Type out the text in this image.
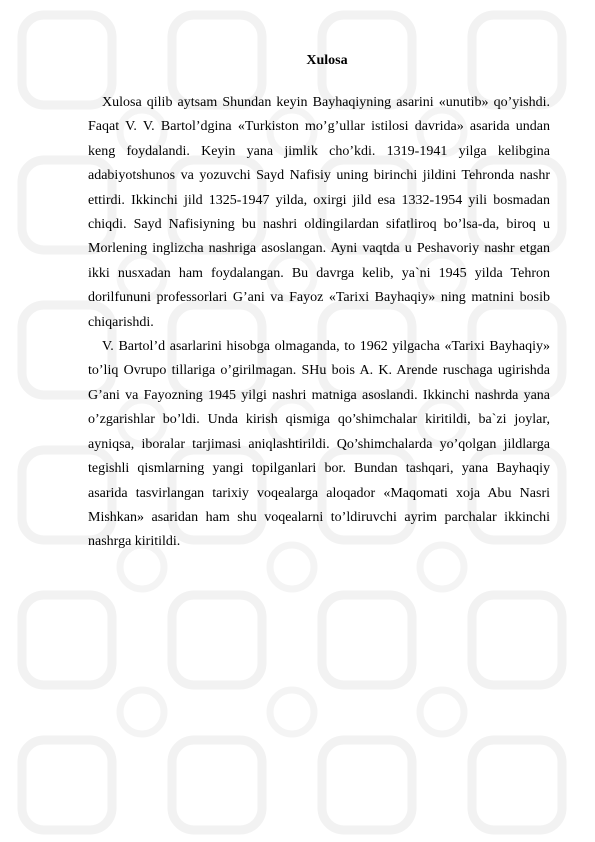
Xulosa

Xulosa qilib aytsam Shundan keyin Bayhaqiyning asarini «unutib» qo’yishdi. Faqat V. V. Bartol’dgina «Turkiston mo’g’ullar istilosi davrida» asarida undan keng foydalandi. Keyin yana jimlik cho’kdi. 1319-1941 yilga kelibgina adabiyotshunos va yozuvchi Sayd Nafisiy uning birinchi jildini Tehronda nashr ettirdi. Ikkinchi jild 1325-1947 yilda, oxirgi jild esa 1332-1954 yili bosmadan chiqdi. Sayd Nafisiyning bu nashri oldingilardan sifatliroq bo’lsa-da, biroq u Morlening inglizcha nashriga asoslangan. Ayni vaqtda u Peshavoriy nashr etgan ikki nusxadan ham foydalangan. Bu davrga kelib, ya`ni 1945 yilda Tehron dorilfununi professorlari G’ani va Fayoz «Tarixi Bayhaqiy» ning matnini bosib chiqarishdi.

V. Bartol’d asarlarini hisobga olmaganda, to 1962 yilgacha «Tarixi Bayhaqiy» to’liq Ovrupo tillariga o’girilmagan. SHu bois A. K. Arende ruschaga ugirishda G’ani va Fayozning 1945 yilgi nashri matniga asoslandi. Ikkinchi nashrda yana o’zgarishlar bo’ldi. Unda kirish qismiga qo’shimchalar kiritildi, ba`zi joylar, ayniqsa, iboralar tarjimasi aniqlashtirildi. Qo’shimchalarda yo’qolgan jildlarga tegishli qismlarning yangi topilganlari bor. Bundan tashqari, yana Bayhaqiy asarida tasvirlangan tarixiy voqealarga aloqador «Maqomati xoja Abu Nasri Mishkan» asaridan ham shu voqealarni to’ldiruvchi ayrim parchalar ikkinchi nashrga kiritildi.
